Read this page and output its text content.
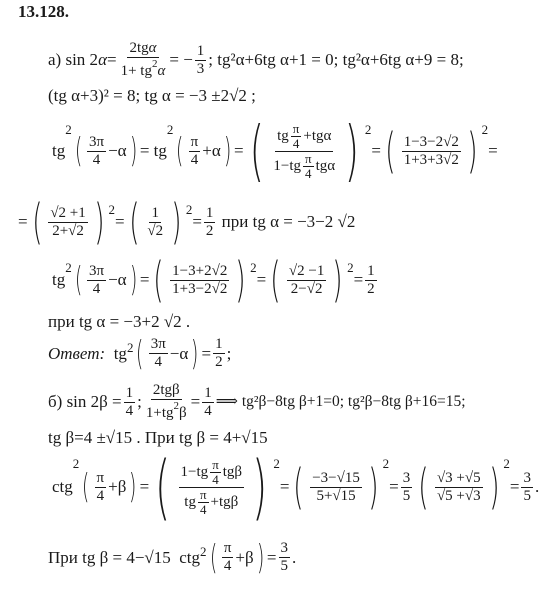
13.128.
а) sin 2 $\alpha = \frac{\text{2tgα}}{1+ tg^2\alpha}$ = − $\frac{1}{3}$ ; tg²α+6tg α+1 = 0; tg²α+6tg α+9 = 8;
(tg α+3)² = 8; tg α = −3 ±2√2 ;
tg
2
( $\frac{3\pi}{4} -\alpha$ ) = tg
$^2$
( $\frac{\pi}{4} +\alpha$ ) = ( $\frac{tg \frac{\pi}{4} +tg\alpha}{1-tg \frac{\pi}{4} tg\alpha}$ ) $^2$
= ( $\frac{1-3-2√2}{1+3+3√2}$ ) $^2$
=
= ( $\frac{√2 +1}{2+√2}$ ) $^2$
= ( $\frac{1}{√2}$ ) $^2$
= $\frac{1}{2}$
при tg α = −3−2 √2
tg
2 ( $\frac{3\pi}{4} -\alpha$ ) = ( $\frac{1-3+2√2}{1+3-2√2}$ ) $^2$
= ( $\frac{√2 -1}{2-√2}$ ) $^2$
= $\frac{1}{2}$
при tg α = −3+2 √2 .
Ответ: $tg^2$ ( $\frac{3\pi}{4} -\alpha$ ) = $\frac{1}{2}$ ;
б) $\sin 2\beta = \frac{1}{4}$ ; $\frac{\text{2tgβ}}{1+tg^2\beta} = \frac{1}{4}$ ⟹ tg²β−8tg β+1=0; tg²β−8tg β+16=15;
tg β=4 ±√15 . При tg β = 4+√15
ctg
2
( $\frac{\pi}{4} +\beta$ ) = ( $\frac{1-tg \frac{\pi}{4} tg\beta}{tg \frac{\pi}{4} +tg\beta}$ ) $^2$
= ( $\frac{-3-√15}{5+√15}$ ) $^2$
= $\frac{3}{5}$ ( $\frac{√3 +√5}{√5 +√3}$ ) $^2$
= $\frac{3}{5}$ .
При tg β = 4−√15 ctg$^2$ ( $\frac{\pi}{4} +\beta$ ) = $\frac{3}{5}$ .
